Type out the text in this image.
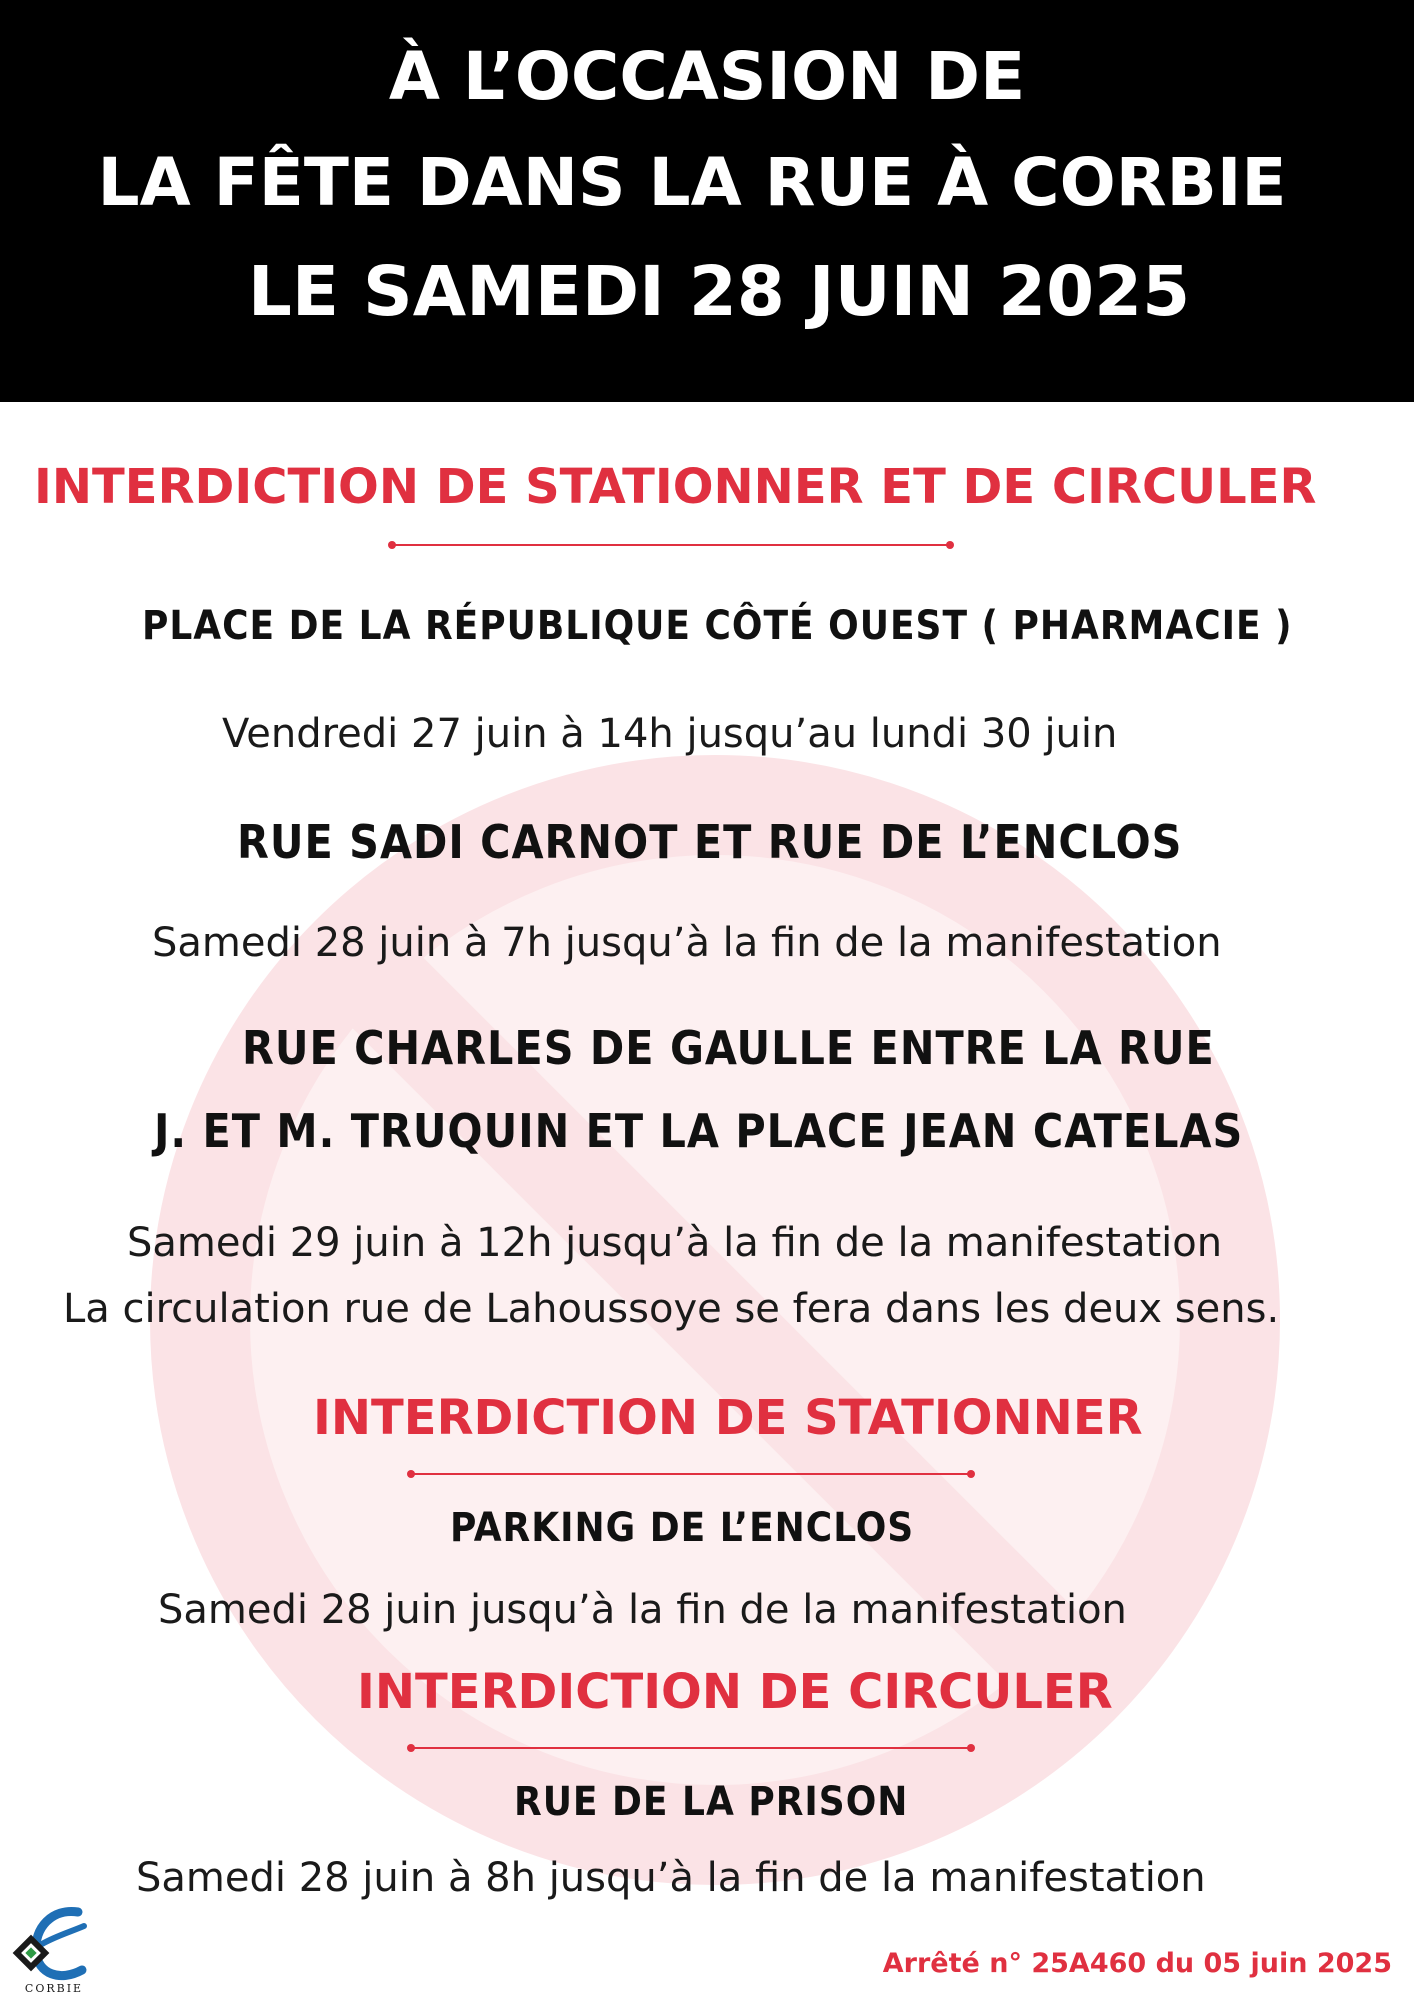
À L’OCCASION DE
LA FÊTE DANS LA RUE À CORBIE
LE SAMEDI 28 JUIN 2025
INTERDICTION DE STATIONNER ET DE CIRCULER
PLACE DE LA RÉPUBLIQUE CÔTÉ OUEST ( PHARMACIE )
Vendredi 27 juin à 14h jusqu’au lundi 30 juin
RUE SADI CARNOT ET RUE DE L’ENCLOS
Samedi 28 juin à 7h jusqu’à la fin de la manifestation
RUE CHARLES DE GAULLE ENTRE LA RUE
J. ET M. TRUQUIN ET LA PLACE JEAN CATELAS
Samedi 29 juin à 12h jusqu’à la fin de la manifestation
La circulation rue de Lahoussoye se fera dans les deux sens.
INTERDICTION DE STATIONNER
PARKING DE L’ENCLOS
Samedi 28 juin jusqu’à la fin de la manifestation
INTERDICTION DE CIRCULER
RUE DE LA PRISON
Samedi 28 juin à 8h jusqu’à la fin de la manifestation
CORBIE
Arrêté n° 25A460 du 05 juin 2025
